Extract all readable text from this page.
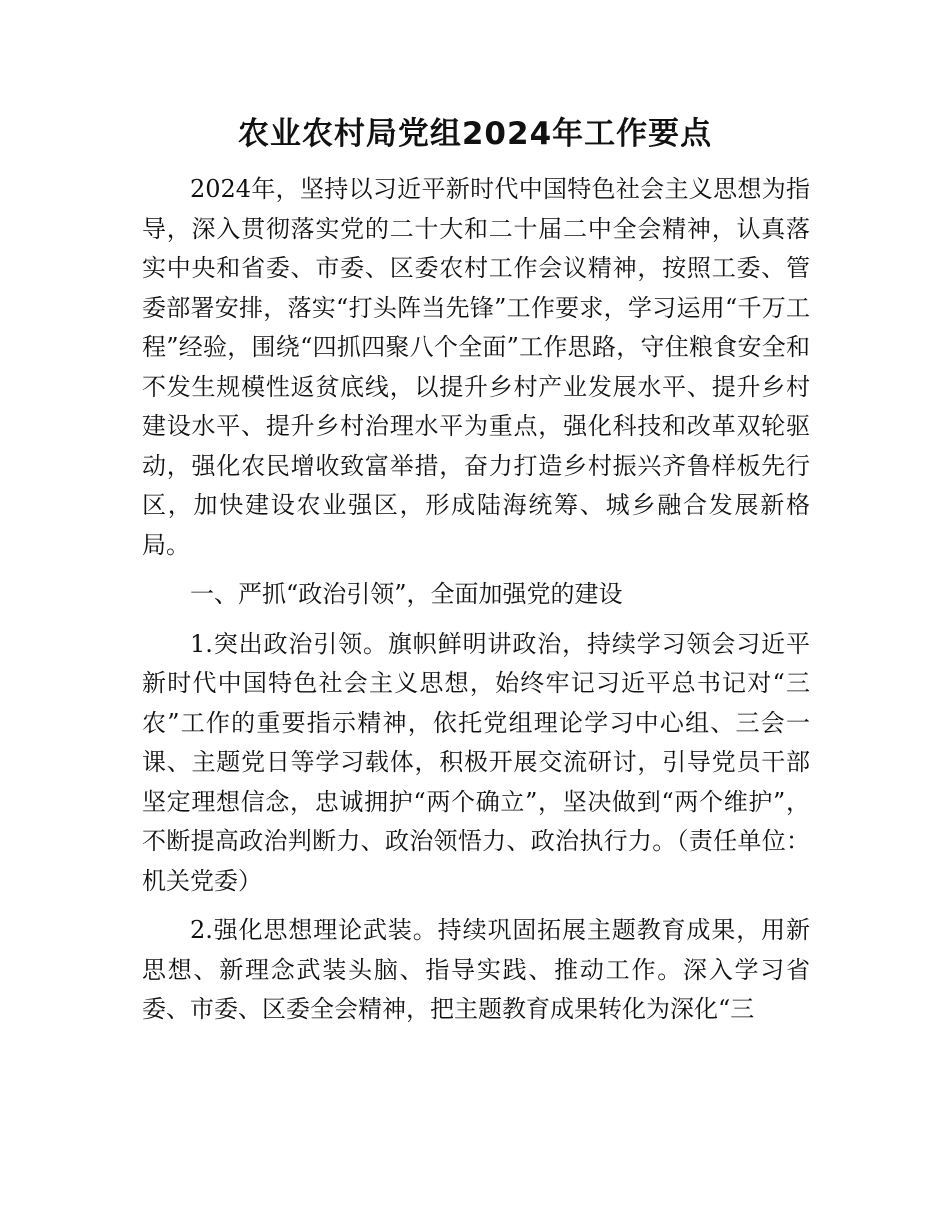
农业农村局党组2024年工作要点

2024年，坚持以习近平新时代中国特色社会主义思想为指导，深入贯彻落实党的二十大和二十届二中全会精神，认真落实中央和省委、市委、区委农村工作会议精神，按照工委、管委部署安排，落实“打头阵当先锋”工作要求，学习运用“千万工程”经验，围绕“四抓四聚八个全面”工作思路，守住粮食安全和不发生规模性返贫底线，以提升乡村产业发展水平、提升乡村建设水平、提升乡村治理水平为重点，强化科技和改革双轮驱动，强化农民增收致富举措，奋力打造乡村振兴齐鲁样板先行区，加快建设农业强区，形成陆海统筹、城乡融合发展新格局。

一、严抓“政治引领”，全面加强党的建设

1.突出政治引领。旗帜鲜明讲政治，持续学习领会习近平新时代中国特色社会主义思想，始终牢记习近平总书记对“三农”工作的重要指示精神，依托党组理论学习中心组、三会一课、主题党日等学习载体，积极开展交流研讨，引导党员干部坚定理想信念，忠诚拥护“两个确立”，坚决做到“两个维护”，不断提高政治判断力、政治领悟力、政治执行力。（责任单位：机关党委）

2.强化思想理论武装。持续巩固拓展主题教育成果，用新思想、新理念武装头脑、指导实践、推动工作。深入学习省委、市委、区委全会精神，把主题教育成果转化为深化“三
